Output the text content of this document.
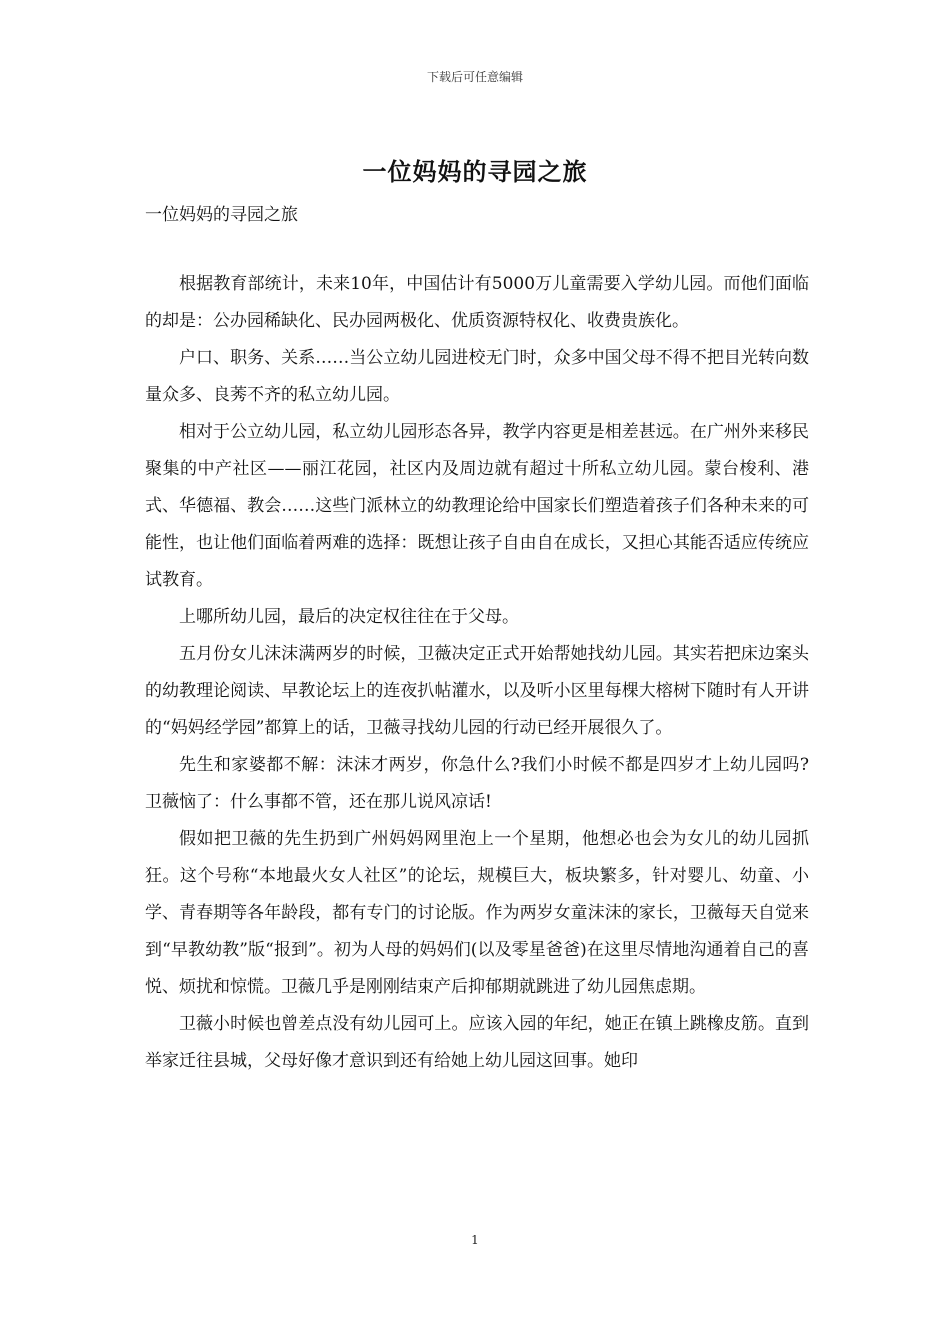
下载后可任意编辑
一位妈妈的寻园之旅
一位妈妈的寻园之旅

根据教育部统计，未来10年，中国估计有5000万儿童需要入学幼儿园。而他们面临的却是：公办园稀缺化、民办园两极化、优质资源特权化、收费贵族化。

户口、职务、关系……当公立幼儿园进校无门时，众多中国父母不得不把目光转向数量众多、良莠不齐的私立幼儿园。

相对于公立幼儿园，私立幼儿园形态各异，教学内容更是相差甚远。在广州外来移民聚集的中产社区——丽江花园，社区内及周边就有超过十所私立幼儿园。蒙台梭利、港式、华德福、教会……这些门派林立的幼教理论给中国家长们塑造着孩子们各种未来的可能性，也让他们面临着两难的选择：既想让孩子自由自在成长，又担心其能否适应传统应试教育。

上哪所幼儿园，最后的决定权往往在于父母。

五月份女儿沫沫满两岁的时候，卫薇决定正式开始帮她找幼儿园。其实若把床边案头的幼教理论阅读、早教论坛上的连夜扒帖灌水，以及听小区里每棵大榕树下随时有人开讲的“妈妈经学园”都算上的话，卫薇寻找幼儿园的行动已经开展很久了。

先生和家婆都不解：沫沫才两岁，你急什么?我们小时候不都是四岁才上幼儿园吗?卫薇恼了：什么事都不管，还在那儿说风凉话!

假如把卫薇的先生扔到广州妈妈网里泡上一个星期，他想必也会为女儿的幼儿园抓狂。这个号称“本地最火女人社区”的论坛，规模巨大，板块繁多，针对婴儿、幼童、小学、青春期等各年龄段，都有专门的讨论版。作为两岁女童沫沫的家长，卫薇每天自觉来到“早教幼教”版“报到”。初为人母的妈妈们(以及零星爸爸)在这里尽情地沟通着自己的喜悦、烦扰和惊慌。卫薇几乎是刚刚结束产后抑郁期就跳进了幼儿园焦虑期。

卫薇小时候也曾差点没有幼儿园可上。应该入园的年纪，她正在镇上跳橡皮筋。直到举家迁往县城，父母好像才意识到还有给她上幼儿园这回事。她印

1
